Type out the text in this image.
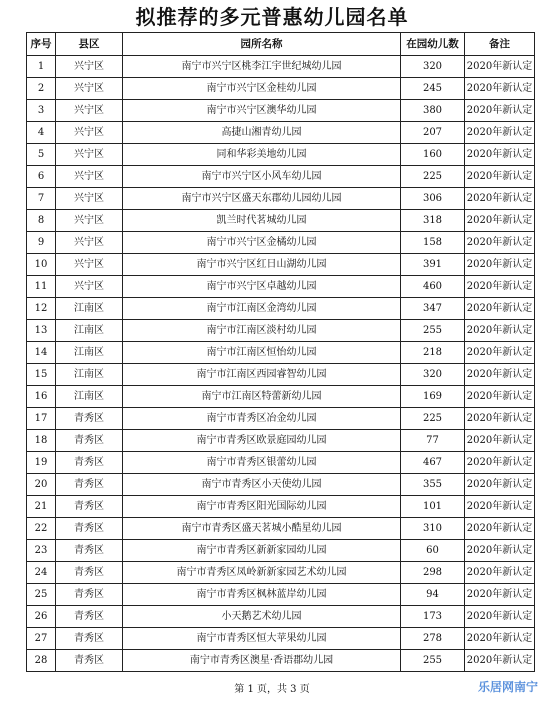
拟推荐的多元普惠幼儿园名单
序号	县区	园所名称	在园幼儿数	备注
1	兴宁区	南宁市兴宁区桃李江宇世纪城幼儿园	320	2020年新认定
2	兴宁区	南宁市兴宁区金桂幼儿园	245	2020年新认定
3	兴宁区	南宁市兴宁区澳华幼儿园	380	2020年新认定
4	兴宁区	高捷山湘青幼儿园	207	2020年新认定
5	兴宁区	同和华彩美地幼儿园	160	2020年新认定
6	兴宁区	南宁市兴宁区小风车幼儿园	225	2020年新认定
7	兴宁区	南宁市兴宁区盛天东郡幼儿园幼儿园	306	2020年新认定
8	兴宁区	凯兰时代茗城幼儿园	318	2020年新认定
9	兴宁区	南宁市兴宁区金橘幼儿园	158	2020年新认定
10	兴宁区	南宁市兴宁区红日山湖幼儿园	391	2020年新认定
11	兴宁区	南宁市兴宁区卓越幼儿园	460	2020年新认定
12	江南区	南宁市江南区金湾幼儿园	347	2020年新认定
13	江南区	南宁市江南区淡村幼儿园	255	2020年新认定
14	江南区	南宁市江南区恒怡幼儿园	218	2020年新认定
15	江南区	南宁市江南区西园睿智幼儿园	320	2020年新认定
16	江南区	南宁市江南区特蕾新幼儿园	169	2020年新认定
17	青秀区	南宁市青秀区冶金幼儿园	225	2020年新认定
18	青秀区	南宁市青秀区欧景庭园幼儿园	77	2020年新认定
19	青秀区	南宁市青秀区银蕾幼儿园	467	2020年新认定
20	青秀区	南宁市青秀区小天使幼儿园	355	2020年新认定
21	青秀区	南宁市青秀区阳光国际幼儿园	101	2020年新认定
22	青秀区	南宁市青秀区盛天茗城小酷星幼儿园	310	2020年新认定
23	青秀区	南宁市青秀区新新家园幼儿园	60	2020年新认定
24	青秀区	南宁市青秀区凤岭新新家园艺术幼儿园	298	2020年新认定
25	青秀区	南宁市青秀区枫林蓝岸幼儿园	94	2020年新认定
26	青秀区	小天鹅艺术幼儿园	173	2020年新认定
27	青秀区	南宁市青秀区恒大苹果幼儿园	278	2020年新认定
28	青秀区	南宁市青秀区澳星·香语郡幼儿园	255	2020年新认定
第 1 页，共 3 页	乐居网南宁
